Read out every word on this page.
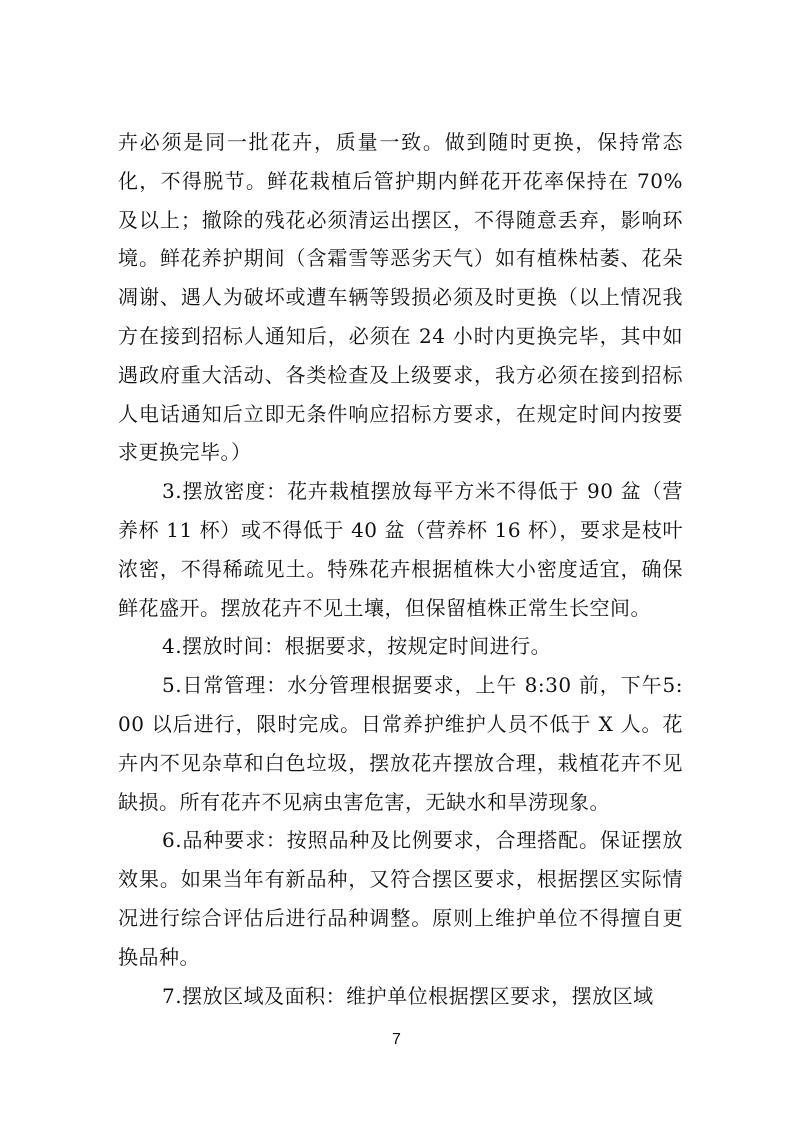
卉必须是同一批花卉，质量一致。做到随时更换，保持常态化，不得脱节。鲜花栽植后管护期内鲜花开花率保持在 70%及以上；撤除的残花必须清运出摆区，不得随意丢弃，影响环境。鲜花养护期间（含霜雪等恶劣天气）如有植株枯萎、花朵凋谢、遇人为破坏或遭车辆等毁损必须及时更换（以上情况我方在接到招标人通知后，必须在 24 小时内更换完毕，其中如遇政府重大活动、各类检查及上级要求，我方必须在接到招标人电话通知后立即无条件响应招标方要求，在规定时间内按要求更换完毕。）

3.摆放密度：花卉栽植摆放每平方米不得低于 90 盆（营养杯 11 杯）或不得低于 40 盆（营养杯 16 杯），要求是枝叶浓密，不得稀疏见土。特殊花卉根据植株大小密度适宜，确保鲜花盛开。摆放花卉不见土壤，但保留植株正常生长空间。

4.摆放时间：根据要求，按规定时间进行。

5.日常管理：水分管理根据要求，上午 8:30 前，下午5:00 以后进行，限时完成。日常养护维护人员不低于 X 人。花卉内不见杂草和白色垃圾，摆放花卉摆放合理，栽植花卉不见缺损。所有花卉不见病虫害危害，无缺水和旱涝现象。

6.品种要求：按照品种及比例要求，合理搭配。保证摆放效果。如果当年有新品种，又符合摆区要求，根据摆区实际情况进行综合评估后进行品种调整。原则上维护单位不得擅自更换品种。

7.摆放区域及面积：维护单位根据摆区要求，摆放区域

7
